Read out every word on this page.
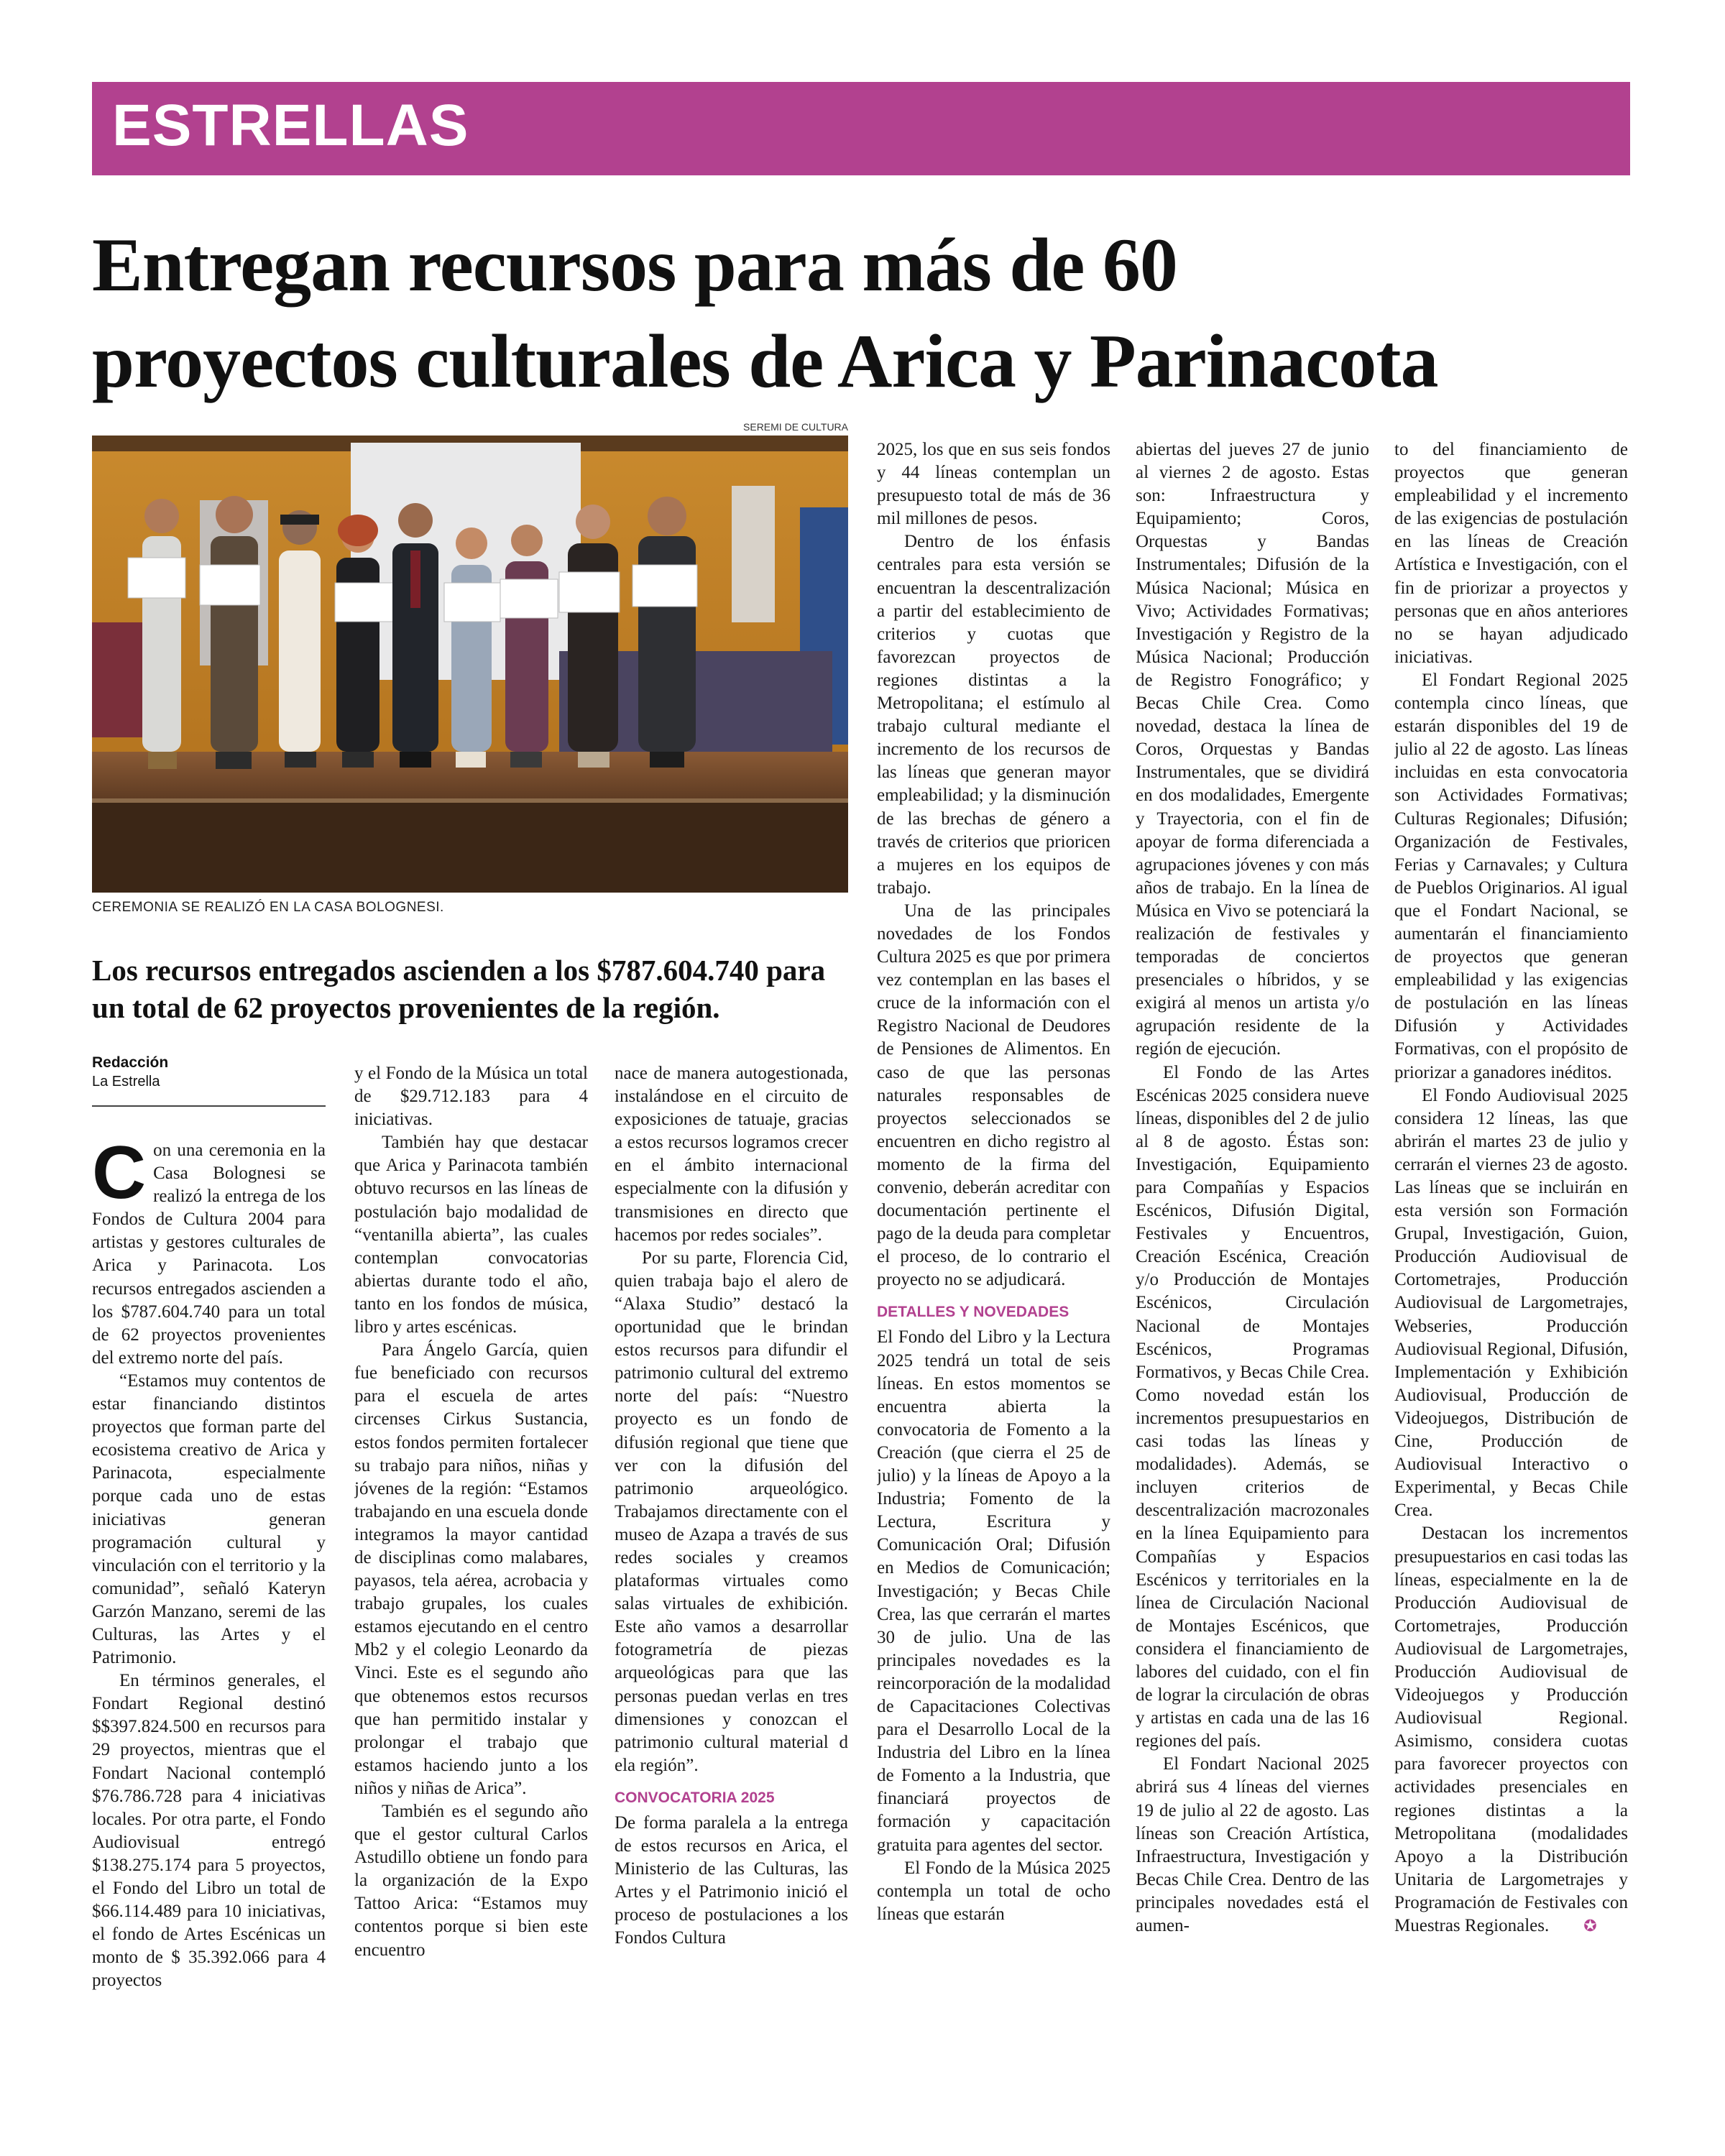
ESTRELLAS
Entregan recursos para más de 60
proyectos culturales de Arica y Parinacota
SEREMI DE CULTURA
CEREMONIA SE REALIZÓ EN LA CASA BOLOGNESI.
Los recursos entregados ascienden a los $787.604.740 para un total de 62 proyectos provenientes de la región.
Redacción
La Estrella

Con una ceremonia en la Casa Bolognesi se realizó la entrega de los Fondos de Cultura 2004 para artistas y gestores culturales de Arica y Parinacota. Los recursos entregados ascienden a los $787.604.740 para un total de 62 proyectos provenientes del extremo norte del país.

“Estamos muy contentos de estar financiando distintos proyectos que forman parte del ecosistema creativo de Arica y Parinacota, especialmente porque cada uno de estas iniciativas generan programación cultural y vinculación con el territorio y la comunidad”, señaló Kateryn Garzón Manzano, seremi de las Culturas, las Artes y el Patrimonio.

En términos generales, el Fondart Regional destinó $$397.824.500 en recursos para 29 proyectos, mientras que el Fondart Nacional contempló $76.786.728 para 4 iniciativas locales. Por otra parte, el Fondo Audiovisual entregó $138.275.174 para 5 proyectos, el Fondo del Libro un total de $66.114.489 para 10 iniciativas, el fondo de Artes Escénicas un monto de $ 35.392.066 para 4 proyectos

y el Fondo de la Música un total de $29.712.183 para 4 iniciativas.

También hay que destacar que Arica y Parinacota también obtuvo recursos en las líneas de postulación bajo modalidad de “ventanilla abierta”, las cuales contemplan convocatorias abiertas durante todo el año, tanto en los fondos de música, libro y artes escénicas.

Para Ángelo García, quien fue beneficiado con recursos para el escuela de artes circenses Cirkus Sustancia, estos fondos permiten fortalecer su trabajo para niños, niñas y jóvenes de la región: “Estamos trabajando en una escuela donde integramos la mayor cantidad de disciplinas como malabares, payasos, tela aérea, acrobacia y trabajo grupales, los cuales estamos ejecutando en el centro Mb2 y el colegio Leonardo da Vinci. Este es el segundo año que obtenemos estos recursos que han permitido instalar y prolongar el trabajo que estamos haciendo junto a los niños y niñas de Arica”.

También es el segundo año que el gestor cultural Carlos Astudillo obtiene un fondo para la organización de la Expo Tattoo Arica: “Estamos muy contentos porque si bien este encuentro

nace de manera autogestionada, instalándose en el circuito de exposiciones de tatuaje, gracias a estos recursos logramos crecer en el ámbito internacional especialmente con la difusión y transmisiones en directo que hacemos por redes sociales”.

Por su parte, Florencia Cid, quien trabaja bajo el alero de “Alaxa Studio” destacó la oportunidad que le brindan estos recursos para difundir el patrimonio cultural del extremo norte del país: “Nuestro proyecto es un fondo de difusión regional que tiene que ver con la difusión del patrimonio arqueológico. Trabajamos directamente con el museo de Azapa a través de sus redes sociales y creamos plataformas virtuales como salas virtuales de exhibición. Este año vamos a desarrollar fotogrametría de piezas arqueológicas para que las personas puedan verlas en tres dimensiones y conozcan el patrimonio cultural material d ela región”.

CONVOCATORIA 2025

De forma paralela a la entrega de estos recursos en Arica, el Ministerio de las Culturas, las Artes y el Patrimonio inició el proceso de postulaciones a los Fondos Cultura

2025, los que en sus seis fondos y 44 líneas contemplan un presupuesto total de más de 36 mil millones de pesos.

Dentro de los énfasis centrales para esta versión se encuentran la descentralización a partir del establecimiento de criterios y cuotas que favorezcan proyectos de regiones distintas a la Metropolitana; el estímulo al trabajo cultural mediante el incremento de los recursos de las líneas que generan mayor empleabilidad; y la disminución de las brechas de género a través de criterios que prioricen a mujeres en los equipos de trabajo.

Una de las principales novedades de los Fondos Cultura 2025 es que por primera vez contemplan en las bases el cruce de la información con el Registro Nacional de Deudores de Pensiones de Alimentos. En caso de que las personas naturales responsables de proyectos seleccionados se encuentren en dicho registro al momento de la firma del convenio, deberán acreditar con documentación pertinente el pago de la deuda para completar el proceso, de lo contrario el proyecto no se adjudicará.

DETALLES Y NOVEDADES

El Fondo del Libro y la Lectura 2025 tendrá un total de seis líneas. En estos momentos se encuentra abierta la convocatoria de Fomento a la Creación (que cierra el 25 de julio) y la líneas de Apoyo a la Industria; Fomento de la Lectura, Escritura y Comunicación Oral; Difusión en Medios de Comunicación; Investigación; y Becas Chile Crea, las que cerrarán el martes 30 de julio. Una de las principales novedades es la reincorporación de la modalidad de Capacitaciones Colectivas para el Desarrollo Local de la Industria del Libro en la línea de Fomento a la Industria, que financiará proyectos de formación y capacitación gratuita para agentes del sector.

El Fondo de la Música 2025 contempla un total de ocho líneas que estarán

abiertas del jueves 27 de junio al viernes 2 de agosto. Estas son: Infraestructura y Equipamiento; Coros, Orquestas y Bandas Instrumentales; Difusión de la Música Nacional; Música en Vivo; Actividades Formativas; Investigación y Registro de la Música Nacional; Producción de Registro Fonográfico; y Becas Chile Crea. Como novedad, destaca la línea de Coros, Orquestas y Bandas Instrumentales, que se dividirá en dos modalidades, Emergente y Trayectoria, con el fin de apoyar de forma diferenciada a agrupaciones jóvenes y con más años de trabajo. En la línea de Música en Vivo se potenciará la realización de festivales y temporadas de conciertos presenciales o híbridos, y se exigirá al menos un artista y/o agrupación residente de la región de ejecución.

El Fondo de las Artes Escénicas 2025 considera nueve líneas, disponibles del 2 de julio al 8 de agosto. Éstas son: Investigación, Equipamiento para Compañías y Espacios Escénicos, Difusión Digital, Festivales y Encuentros, Creación Escénica, Creación y/o Producción de Montajes Escénicos, Circulación Nacional de Montajes Escénicos, Programas Formativos, y Becas Chile Crea. Como novedad están los incrementos presupuestarios en casi todas las líneas y modalidades). Además, se incluyen criterios de descentralización macrozonales en la línea Equipamiento para Compañías y Espacios Escénicos y territoriales en la línea de Circulación Nacional de Montajes Escénicos, que considera el financiamiento de labores del cuidado, con el fin de lograr la circulación de obras y artistas en cada una de las 16 regiones del país.

El Fondart Nacional 2025 abrirá sus 4 líneas del viernes 19 de julio al 22 de agosto. Las líneas son Creación Artística, Infraestructura, Investigación y Becas Chile Crea. Dentro de las principales novedades está el aumen-

to del financiamiento de proyectos que generan empleabilidad y el incremento de las exigencias de postulación en las líneas de Creación Artística e Investigación, con el fin de priorizar a proyectos y personas que en años anteriores no se hayan adjudicado iniciativas.

El Fondart Regional 2025 contempla cinco líneas, que estarán disponibles del 19 de julio al 22 de agosto. Las líneas incluidas en esta convocatoria son Actividades Formativas; Culturas Regionales; Difusión; Organización de Festivales, Ferias y Carnavales; y Cultura de Pueblos Originarios. Al igual que el Fondart Nacional, se aumentarán el financiamiento de proyectos que generan empleabilidad y las exigencias de postulación en las líneas Difusión y Actividades Formativas, con el propósito de priorizar a ganadores inéditos.

El Fondo Audiovisual 2025 considera 12 líneas, las que abrirán el martes 23 de julio y cerrarán el viernes 23 de agosto. Las líneas que se incluirán en esta versión son Formación Grupal, Investigación, Guion, Producción Audiovisual de Cortometrajes, Producción Audiovisual de Largometrajes, Webseries, Producción Audiovisual Regional, Difusión, Implementación y Exhibición Audiovisual, Producción de Videojuegos, Distribución de Cine, Producción de Audiovisual Interactivo o Experimental, y Becas Chile Crea.

Destacan los incrementos presupuestarios en casi todas las líneas, especialmente en la de Producción Audiovisual de Cortometrajes, Producción Audiovisual de Largometrajes, Producción Audiovisual de Videojuegos y Producción Audiovisual Regional. Asimismo, considera cuotas para favorecer proyectos con actividades presenciales en regiones distintas a la Metropolitana (modalidades Apoyo a la Distribución Unitaria de Largometrajes y Programación de Festivales con Muestras Regionales. ✪
